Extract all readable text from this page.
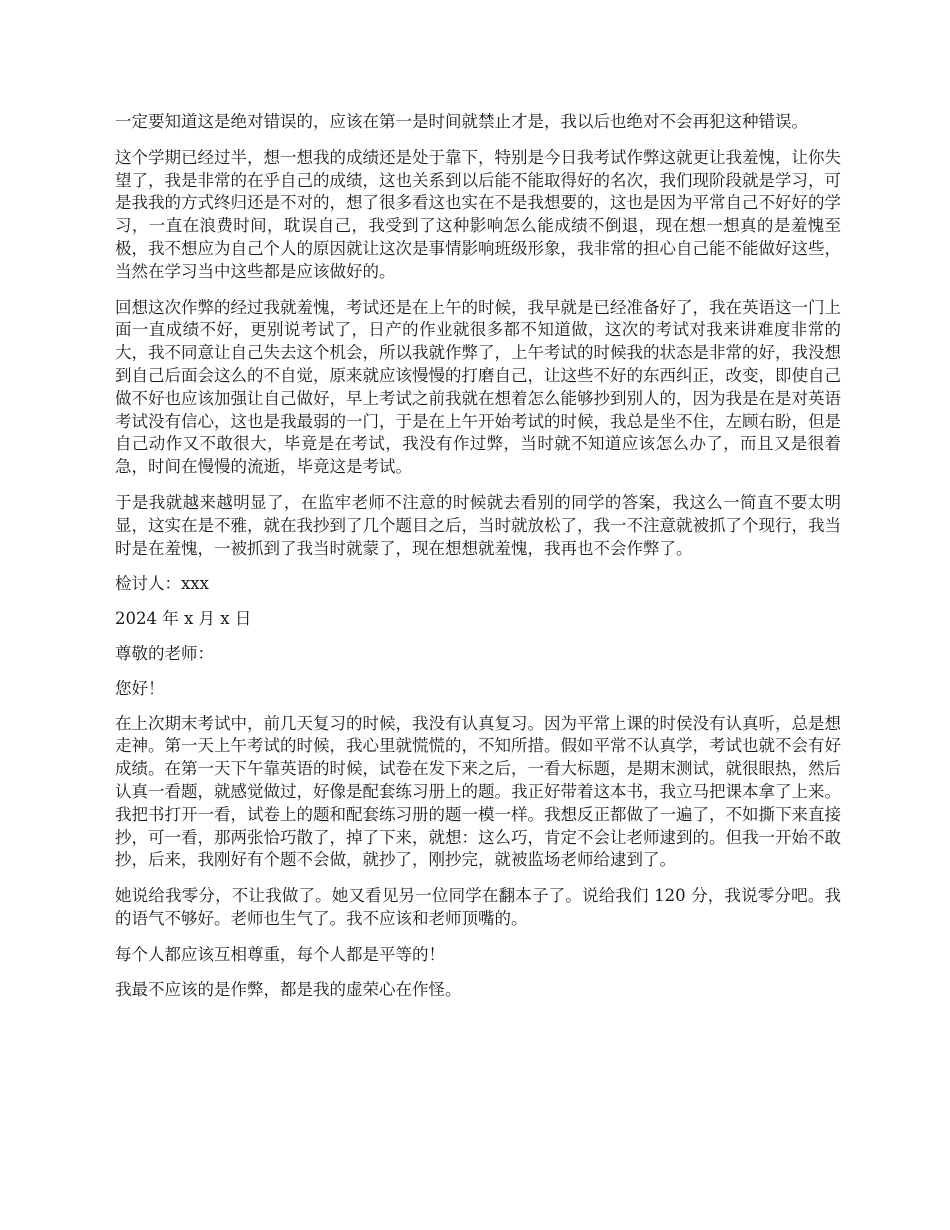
一定要知道这是绝对错误的，应该在第一是时间就禁止才是，我以后也绝对不会再犯这种错误。

这个学期已经过半，想一想我的成绩还是处于靠下，特别是今日我考试作弊这就更让我羞愧，让你失望了，我是非常的在乎自己的成绩，这也关系到以后能不能取得好的名次，我们现阶段就是学习，可是我我的方式终归还是不对的，想了很多看这也实在不是我想要的，这也是因为平常自己不好好的学习，一直在浪费时间，耽误自己，我受到了这种影响怎么能成绩不倒退，现在想一想真的是羞愧至极，我不想应为自己个人的原因就让这次是事情影响班级形象，我非常的担心自己能不能做好这些，当然在学习当中这些都是应该做好的。

回想这次作弊的经过我就羞愧，考试还是在上午的时候，我早就是已经准备好了，我在英语这一门上面一直成绩不好，更别说考试了，日产的作业就很多都不知道做，这次的考试对我来讲难度非常的大，我不同意让自己失去这个机会，所以我就作弊了，上午考试的时候我的状态是非常的好，我没想到自己后面会这么的不自觉，原来就应该慢慢的打磨自己，让这些不好的东西纠正，改变，即使自己做不好也应该加强让自己做好，早上考试之前我就在想着怎么能够抄到别人的，因为我是在是对英语考试没有信心，这也是我最弱的一门，于是在上午开始考试的时候，我总是坐不住，左顾右盼，但是自己动作又不敢很大，毕竟是在考试，我没有作过弊，当时就不知道应该怎么办了，而且又是很着急，时间在慢慢的流逝，毕竟这是考试。

于是我就越来越明显了，在监牢老师不注意的时候就去看别的同学的答案，我这么一简直不要太明显，这实在是不雅，就在我抄到了几个题目之后，当时就放松了，我一不注意就被抓了个现行，我当时是在羞愧，一被抓到了我当时就蒙了，现在想想就羞愧，我再也不会作弊了。

检讨人：xxx

2024 年 x 月 x 日

尊敬的老师：

您好！

在上次期末考试中，前几天复习的时候，我没有认真复习。因为平常上课的时侯没有认真听，总是想走神。第一天上午考试的时候，我心里就慌慌的，不知所措。假如平常不认真学，考试也就不会有好成绩。在第一天下午靠英语的时候，试卷在发下来之后，一看大标题，是期末测试，就很眼热，然后认真一看题，就感觉做过，好像是配套练习册上的题。我正好带着这本书，我立马把课本拿了上来。我把书打开一看，试卷上的题和配套练习册的题一模一样。我想反正都做了一遍了，不如撕下来直接抄，可一看，那两张恰巧散了，掉了下来，就想：这么巧，肯定不会让老师逮到的。但我一开始不敢抄，后来，我刚好有个题不会做，就抄了，刚抄完，就被监场老师给逮到了。

她说给我零分，不让我做了。她又看见另一位同学在翻本子了。说给我们 120 分，我说零分吧。我的语气不够好。老师也生气了。我不应该和老师顶嘴的。

每个人都应该互相尊重，每个人都是平等的！

我最不应该的是作弊，都是我的虚荣心在作怪。
